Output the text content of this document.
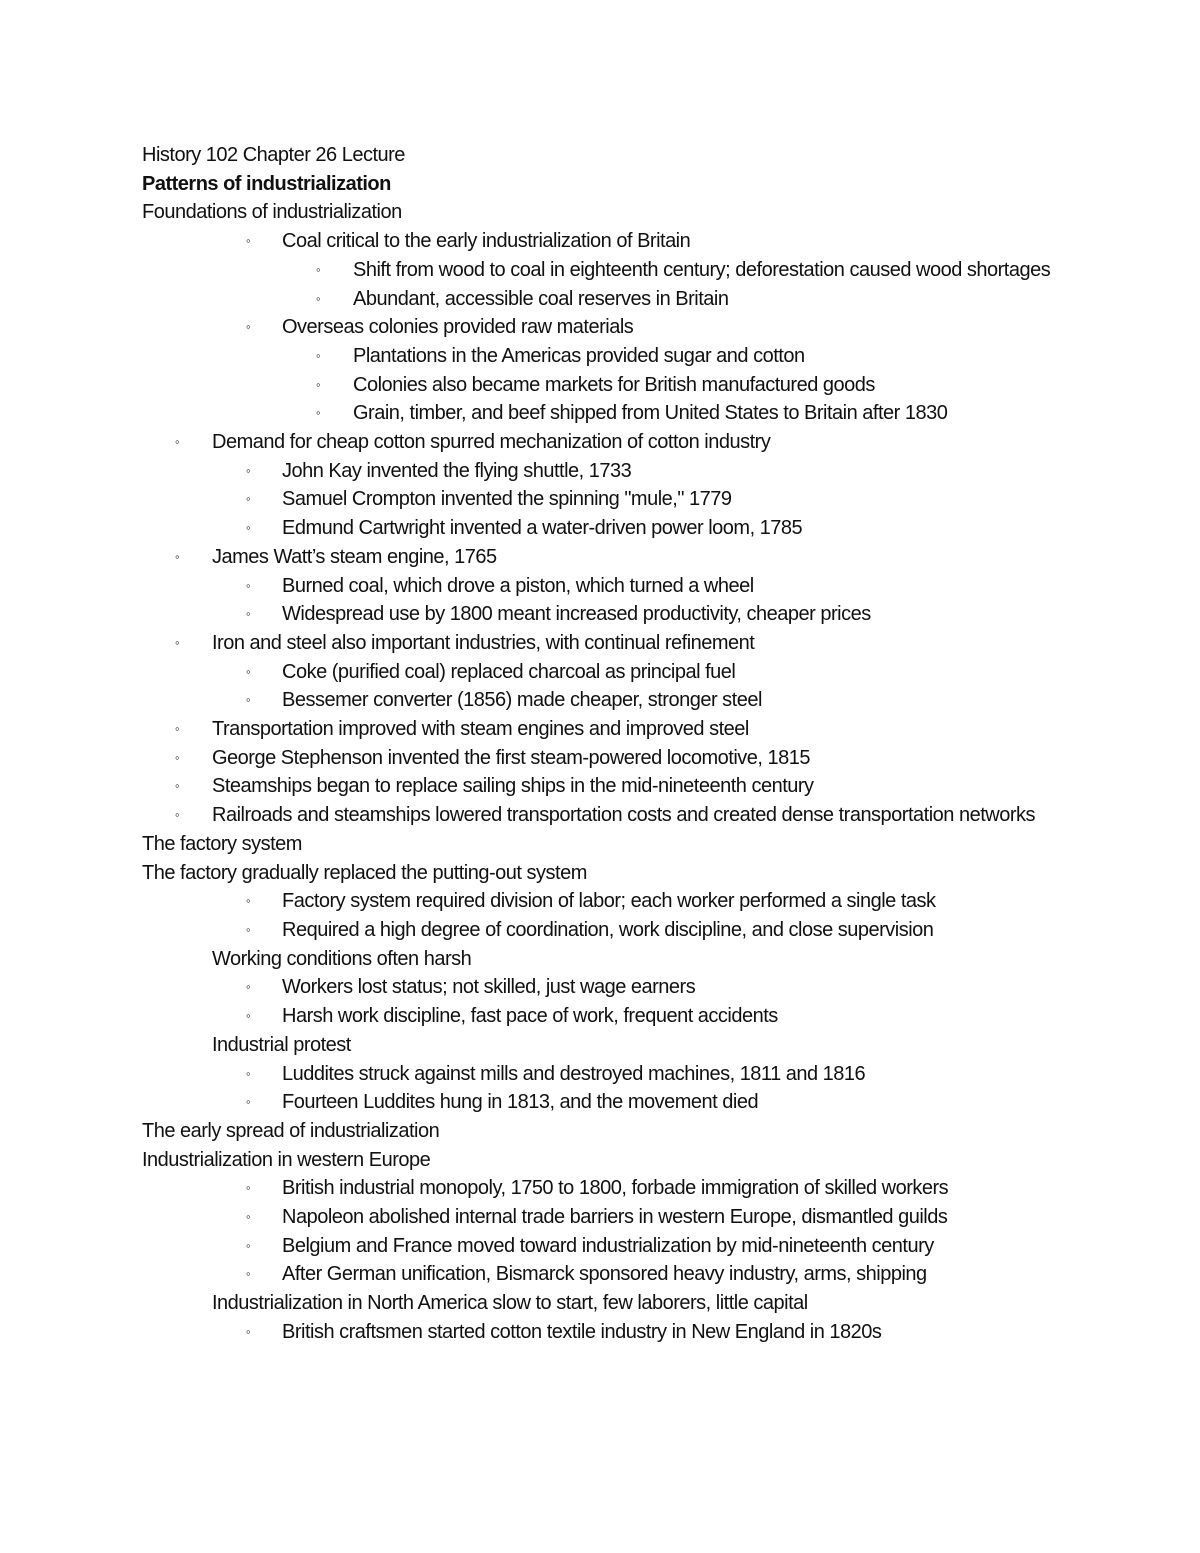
History 102 Chapter 26 Lecture
Patterns of industrialization
Foundations of industrialization
◦	Coal critical to the early industrialization of Britain
◦	Shift from wood to coal in eighteenth century; deforestation caused wood shortages
◦	Abundant, accessible coal reserves in Britain
◦	Overseas colonies provided raw materials
◦	Plantations in the Americas provided sugar and cotton
◦	Colonies also became markets for British manufactured goods
◦	Grain, timber, and beef shipped from United States to Britain after 1830
◦	Demand for cheap cotton spurred mechanization of cotton industry
◦	John Kay invented the flying shuttle, 1733
◦	Samuel Crompton invented the spinning "mule," 1779
◦	Edmund Cartwright invented a water-driven power loom, 1785
◦	James Watt’s steam engine, 1765
◦	Burned coal, which drove a piston, which turned a wheel
◦	Widespread use by 1800 meant increased productivity, cheaper prices
◦	Iron and steel also important industries, with continual refinement
◦	Coke (purified coal) replaced charcoal as principal fuel
◦	Bessemer converter (1856) made cheaper, stronger steel
◦	Transportation improved with steam engines and improved steel
◦	George Stephenson invented the first steam-powered locomotive, 1815
◦	Steamships began to replace sailing ships in the mid-nineteenth century
◦	Railroads and steamships lowered transportation costs and created dense transportation networks
The factory system
The factory gradually replaced the putting-out system
◦	Factory system required division of labor; each worker performed a single task
◦	Required a high degree of coordination, work discipline, and close supervision
Working conditions often harsh
◦	Workers lost status; not skilled, just wage earners
◦	Harsh work discipline, fast pace of work, frequent accidents
Industrial protest
◦	Luddites struck against mills and destroyed machines, 1811 and 1816
◦	Fourteen Luddites hung in 1813, and the movement died
The early spread of industrialization
Industrialization in western Europe
◦	British industrial monopoly, 1750 to 1800, forbade immigration of skilled workers
◦	Napoleon abolished internal trade barriers in western Europe, dismantled guilds
◦	Belgium and France moved toward industrialization by mid-nineteenth century
◦	After German unification, Bismarck sponsored heavy industry, arms, shipping
Industrialization in North America slow to start, few laborers, little capital
◦	British craftsmen started cotton textile industry in New England in 1820s
